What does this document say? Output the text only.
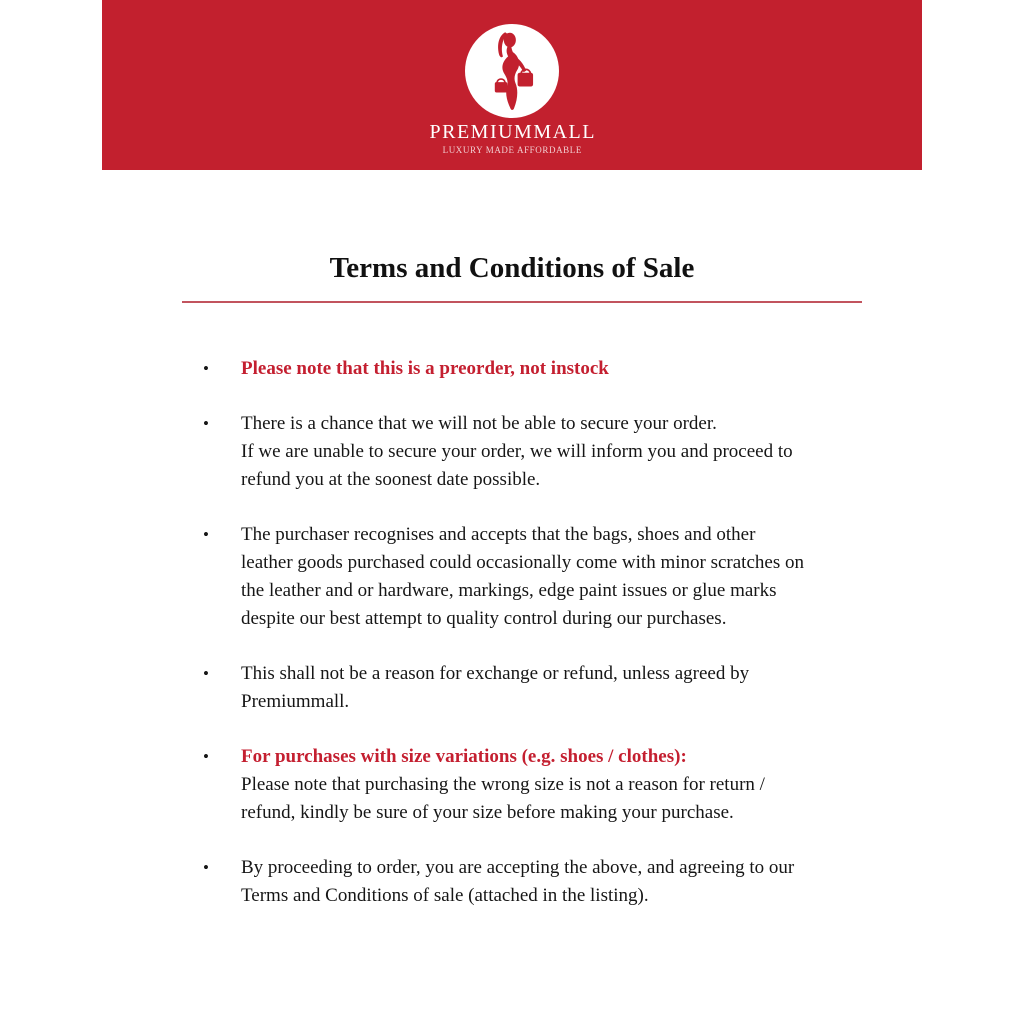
PREMIUMMALL
LUXURY MADE AFFORDABLE
Terms and Conditions of Sale
•	Please note that this is a preorder, not instock
•	There is a chance that we will not be able to secure your order.
If we are unable to secure your order, we will inform you and proceed to
refund you at the soonest date possible.
•	The purchaser recognises and accepts that the bags, shoes and other
leather goods purchased could occasionally come with minor scratches on
the leather and or hardware, markings, edge paint issues or glue marks
despite our best attempt to quality control during our purchases.
•	This shall not be a reason for exchange or refund, unless agreed by
Premiummall.
•	For purchases with size variations (e.g. shoes / clothes):
Please note that purchasing the wrong size is not a reason for return /
refund, kindly be sure of your size before making your purchase.
•	By proceeding to order, you are accepting the above, and agreeing to our
Terms and Conditions of sale (attached in the listing).
